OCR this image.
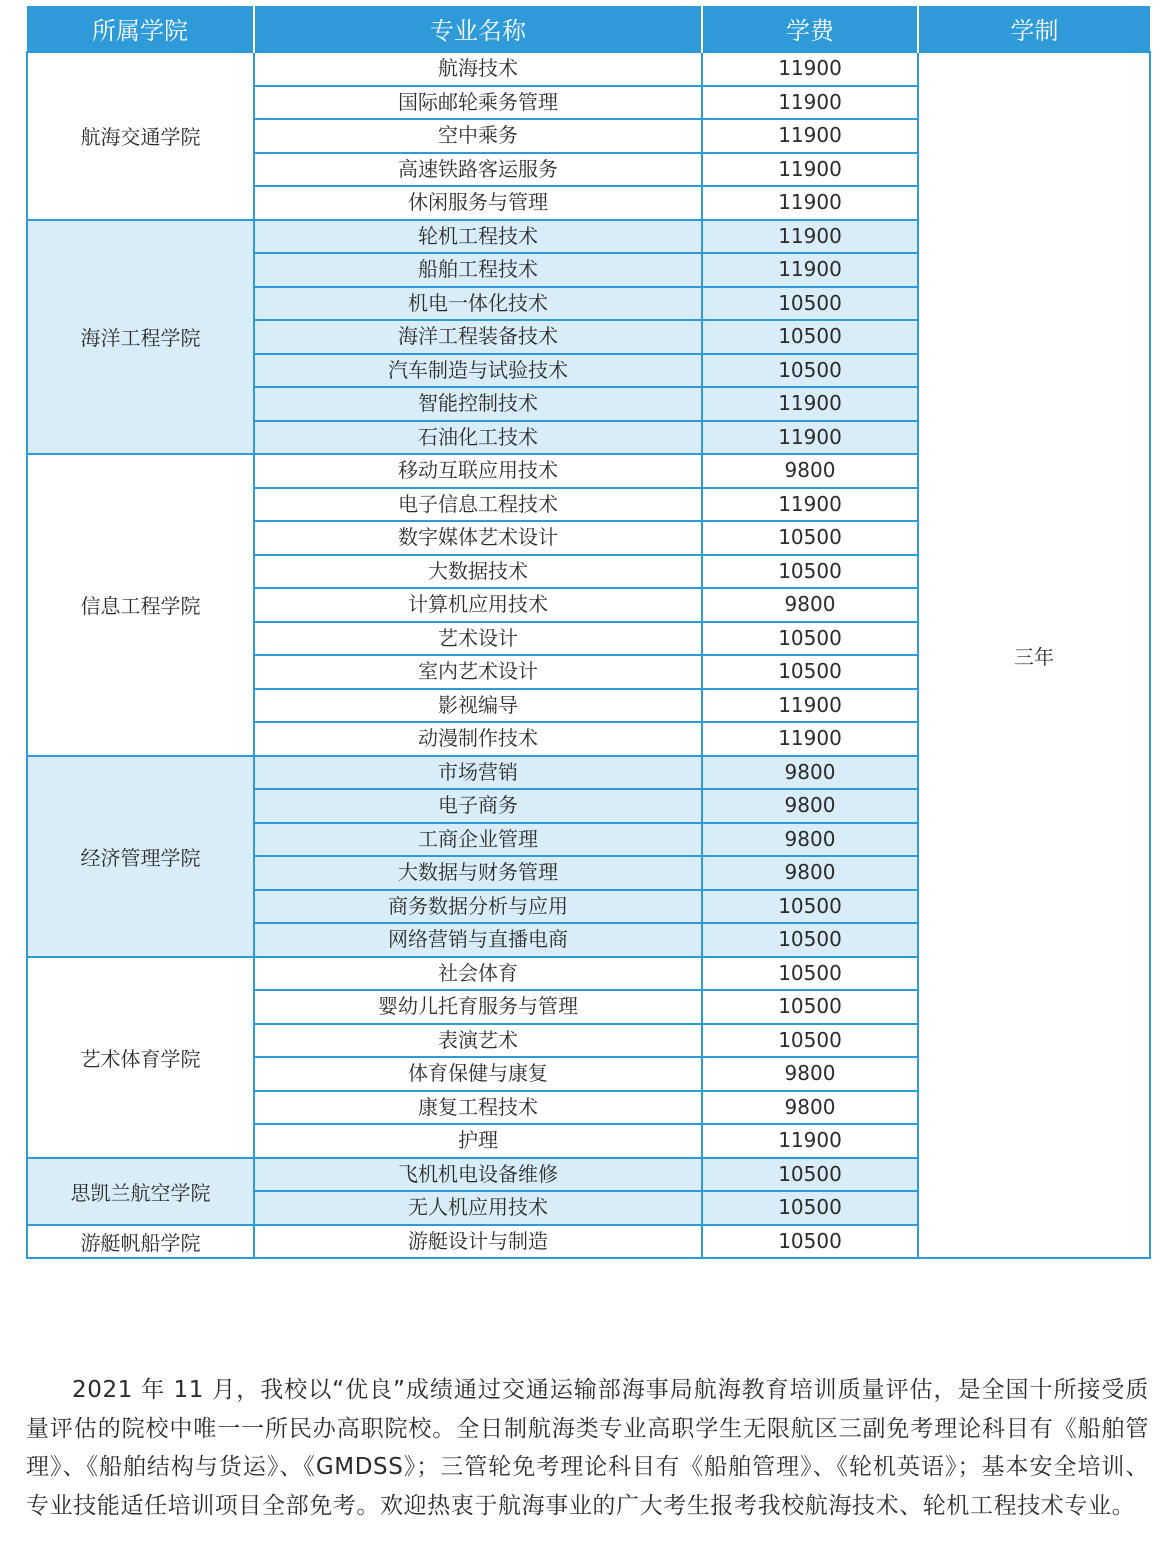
所属学院	专业名称	学费	学制
航海交通学院	航海技术	11900	三年
	国际邮轮乘务管理	11900	
	空中乘务	11900	
	高速铁路客运服务	11900	
	休闲服务与管理	11900	
海洋工程学院	轮机工程技术	11900	
	船舶工程技术	11900	
	机电一体化技术	10500	
	海洋工程装备技术	10500	
	汽车制造与试验技术	10500	
	智能控制技术	11900	
	石油化工技术	11900	
信息工程学院	移动互联应用技术	9800	
	电子信息工程技术	11900	
	数字媒体艺术设计	10500	
	大数据技术	10500	
	计算机应用技术	9800	
	艺术设计	10500	
	室内艺术设计	10500	
	影视编导	11900	
	动漫制作技术	11900	
经济管理学院	市场营销	9800	
	电子商务	9800	
	工商企业管理	9800	
	大数据与财务管理	9800	
	商务数据分析与应用	10500	
	网络营销与直播电商	10500	
艺术体育学院	社会体育	10500	
	婴幼儿托育服务与管理	10500	
	表演艺术	10500	
	体育保健与康复	9800	
	康复工程技术	9800	
	护理	11900	
思凯兰航空学院	飞机机电设备维修	10500	
	无人机应用技术	10500	
游艇帆船学院	游艇设计与制造	10500	

2021 年 11 月，我校以“优良”成绩通过交通运输部海事局航海教育培训质量评估，是全国十所接受质量评估的院校中唯一一所民办高职院校。全日制航海类专业高职学生无限航区三副免考理论科目有《船舶管理》、《船舶结构与货运》、《GMDSS》；三管轮免考理论科目有《船舶管理》、《轮机英语》；基本安全培训、专业技能适任培训项目全部免考。欢迎热衷于航海事业的广大考生报考我校航海技术、轮机工程技术专业。
